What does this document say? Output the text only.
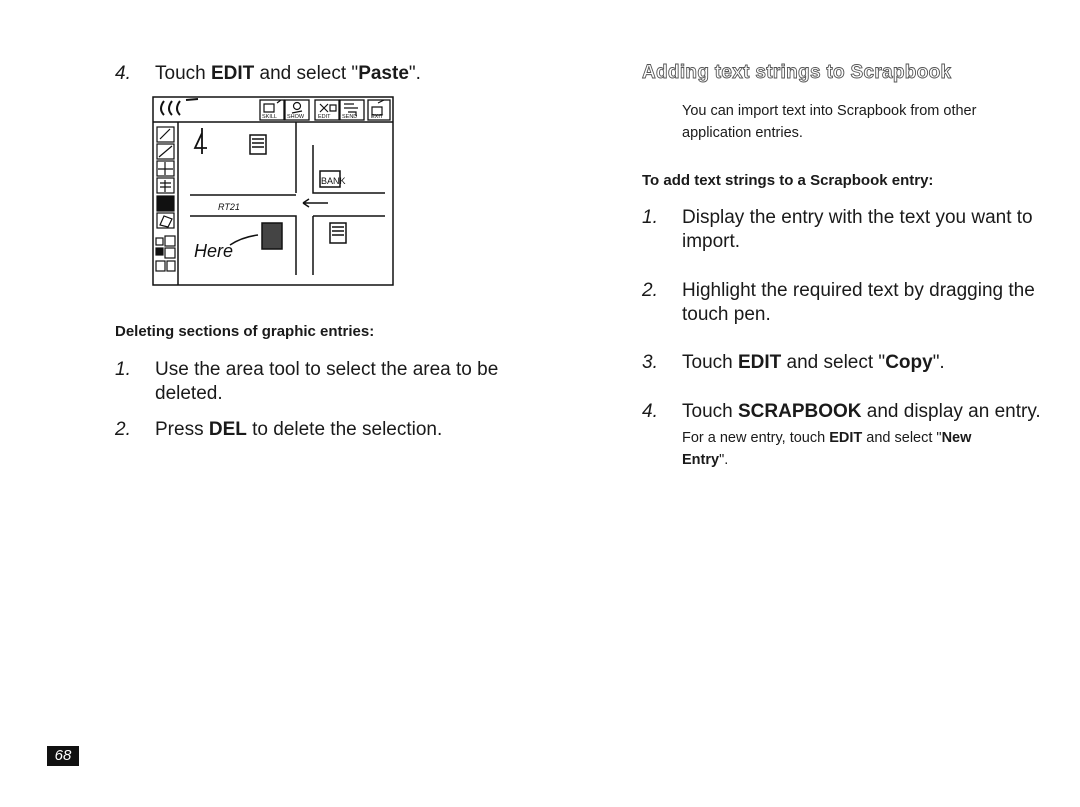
4. Touch EDIT and select "Paste".
SKILL SHOW	EDIT SEND EXIT
BANK
RT21
Here
Deleting sections of graphic entries:
1. Use the area tool to select the area to be
deleted.
2. Press DEL to delete the selection.
Adding text strings to Scrapbook
You can import text into Scrapbook from other
application entries.
To add text strings to a Scrapbook entry:
1. Display the entry with the text you want to
import.
2. Highlight the required text by dragging the
touch pen.
3. Touch EDIT and select "Copy".
4. Touch SCRAPBOOK and display an entry.
For a new entry, touch EDIT and select "New
Entry".
68
